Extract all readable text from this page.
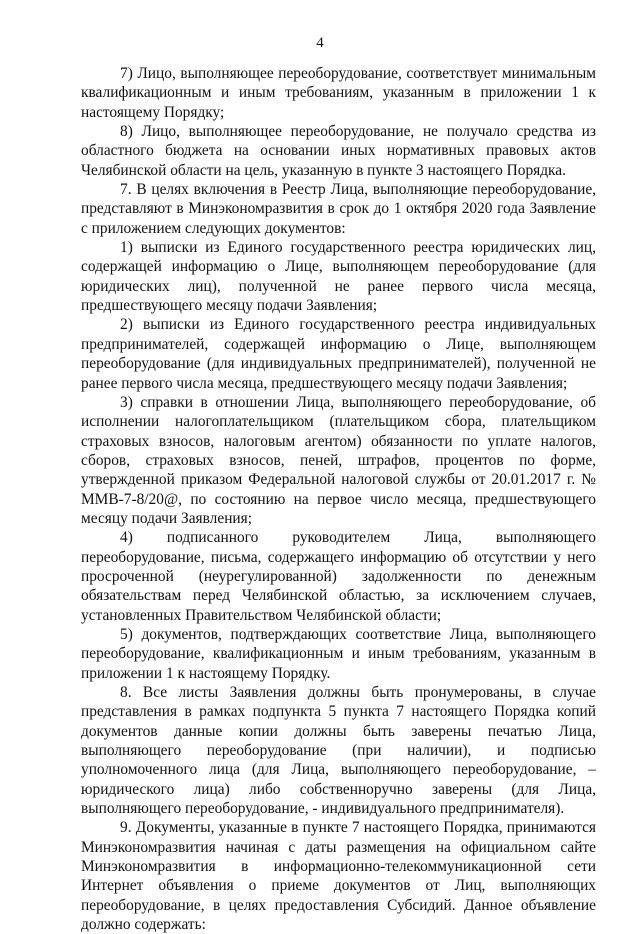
4

7) Лицо, выполняющее переоборудование, соответствует минимальным квалификационным и иным требованиям, указанным в приложении 1 к настоящему Порядку;

8) Лицо, выполняющее переоборудование, не получало средства из областного бюджета на основании иных нормативных правовых актов Челябинской области на цель, указанную в пункте 3 настоящего Порядка.

7. В целях включения в Реестр Лица, выполняющие переоборудование, представляют в Минэкономразвития в срок до 1 октября 2020 года Заявление с приложением следующих документов:

1) выписки из Единого государственного реестра юридических лиц, содержащей информацию о Лице, выполняющем переоборудование (для юридических лиц), полученной не ранее первого числа месяца, предшествующего месяцу подачи Заявления;

2) выписки из Единого государственного реестра индивидуальных предпринимателей, содержащей информацию о Лице, выполняющем переоборудование (для индивидуальных предпринимателей), полученной не ранее первого числа месяца, предшествующего месяцу подачи Заявления;

3) справки в отношении Лица, выполняющего переоборудование, об исполнении налогоплательщиком (плательщиком сбора, плательщиком страховых взносов, налоговым агентом) обязанности по уплате налогов, сборов, страховых взносов, пеней, штрафов, процентов по форме, утвержденной приказом Федеральной налоговой службы от 20.01.2017 г. № ММВ-7-8/20@, по состоянию на первое число месяца, предшествующего месяцу подачи Заявления;

4) подписанного руководителем Лица, выполняющего переоборудование, письма, содержащего информацию об отсутствии у него просроченной (неурегулированной) задолженности по денежным обязательствам перед Челябинской областью, за исключением случаев, установленных Правительством Челябинской области;

5) документов, подтверждающих соответствие Лица, выполняющего переоборудование, квалификационным и иным требованиям, указанным в приложении 1 к настоящему Порядку.

8. Все листы Заявления должны быть пронумерованы, в случае представления в рамках подпункта 5 пункта 7 настоящего Порядка копий документов данные копии должны быть заверены печатью Лица, выполняющего переоборудование (при наличии), и подписью уполномоченного лица (для Лица, выполняющего переоборудование, – юридического лица) либо собственноручно заверены (для Лица, выполняющего переоборудование, - индивидуального предпринимателя).

9. Документы, указанные в пункте 7 настоящего Порядка, принимаются Минэкономразвития начиная с даты размещения на официальном сайте Минэкономразвития в информационно-телекоммуникационной сети Интернет объявления о приеме документов от Лиц, выполняющих переоборудование, в целях предоставления Субсидий. Данное объявление должно содержать:
